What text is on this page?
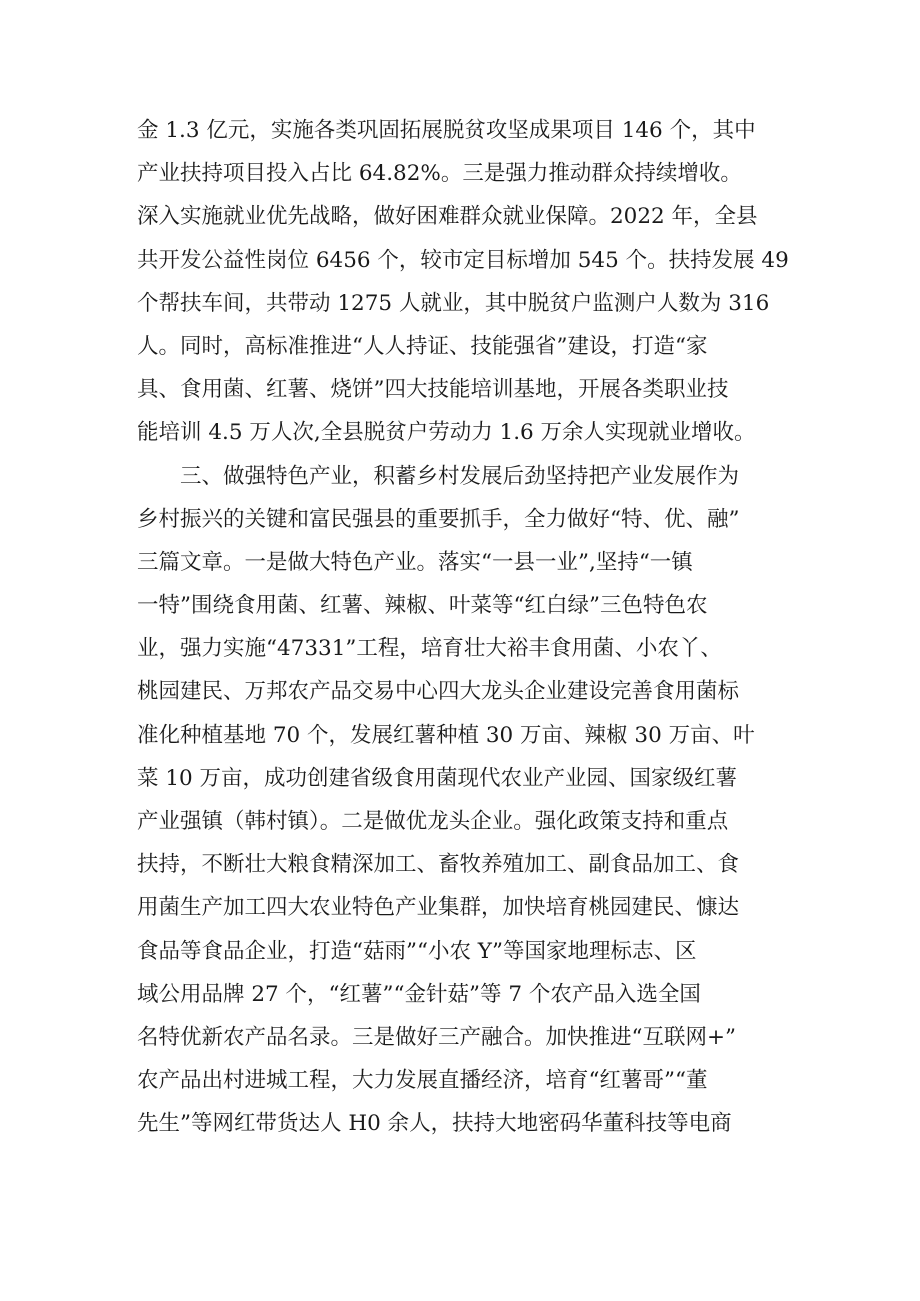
金 1.3 亿元，实施各类巩固拓展脱贫攻坚成果项目 146 个，其中
产业扶持项目投入占比 64.82%。三是强力推动群众持续增收。
深入实施就业优先战略，做好困难群众就业保障。2022 年，全县
共开发公益性岗位 6456 个，较市定目标增加 545 个。扶持发展 49
个帮扶车间，共带动 1275 人就业，其中脱贫户监测户人数为 316
人。同时，高标准推进“人人持证、技能强省”建设，打造“家
具、食用菌、红薯、烧饼”四大技能培训基地，开展各类职业技
能培训 4.5 万人次,全县脱贫户劳动力 1.6 万余人实现就业增收。
三、做强特色产业，积蓄乡村发展后劲坚持把产业发展作为
乡村振兴的关键和富民强县的重要抓手，全力做好“特、优、融”
三篇文章。一是做大特色产业。落实“一县一业”,坚持“一镇
一特”围绕食用菌、红薯、辣椒、叶菜等“红白绿”三色特色农
业，强力实施“47331”工程，培育壮大裕丰食用菌、小农丫、
桃园建民、万邦农产品交易中心四大龙头企业建设完善食用菌标
准化种植基地 70 个，发展红薯种植 30 万亩、辣椒 30 万亩、叶
菜 10 万亩，成功创建省级食用菌现代农业产业园、国家级红薯
产业强镇（韩村镇）。二是做优龙头企业。强化政策支持和重点
扶持，不断壮大粮食精深加工、畜牧养殖加工、副食品加工、食
用菌生产加工四大农业特色产业集群，加快培育桃园建民、慷达
食品等食品企业，打造“菇雨”“小农 Y”等国家地理标志、区
域公用品牌 27 个，“红薯”“金针菇”等 7 个农产品入选全国
名特优新农产品名录。三是做好三产融合。加快推进“互联网+”
农产品出村进城工程，大力发展直播经济，培育“红薯哥”“董
先生”等网红带货达人 H0 余人，扶持大地密码华董科技等电商
